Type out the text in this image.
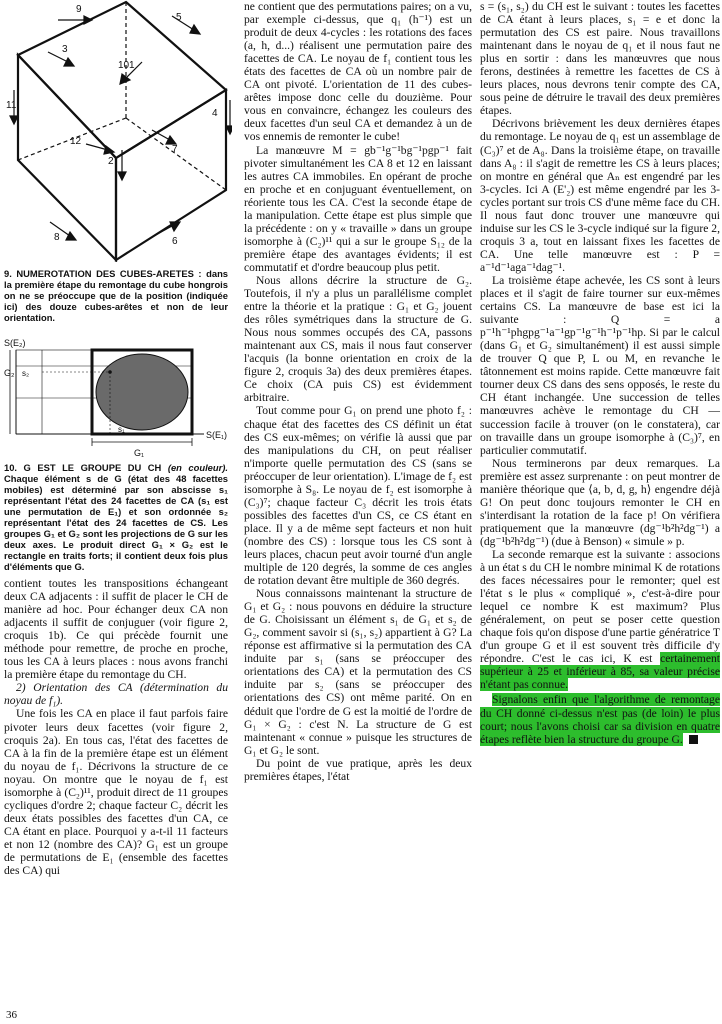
9
5
3
10 1
11
4
12
2
7
8	6

9. NUMEROTATION DES CUBES-ARETES : dans la première étape du remontage du cube hongrois on ne se préoccupe que de la position (indiquée ici) des douze cubes-arêtes et non de leur orientation.

S(E₂)
S(E₁)
s₂
s₁
G₂
G₁

10. G EST LE GROUPE DU CH (en couleur). Chaque élément s de G (état des 48 facettes mobiles) est déterminé par son abscisse s₁ représentant l'état des 24 facettes de CA (s₁ est une permutation de E₁) et son ordonnée s₂ représentant l'état des 24 facettes de CS. Les groupes G₁ et G₂ sont les projections de G sur les deux axes. Le produit direct G₁ × G₂ est le rectangle en traits forts; il contient deux fois plus d'éléments que G.

contient toutes les transpositions échangeant deux CA adjacents : il suffit de placer le CH de manière ad hoc. Pour échanger deux CA non adjacents il suffit de conjuguer (voir figure 2, croquis 1b). Ce qui précède fournit une méthode pour remettre, de proche en proche, tous les CA à leurs places : nous avons franchi la première étape du remontage du CH.

2) Orientation des CA (détermination du noyau de f₁).

Une fois les CA en place il faut parfois faire pivoter leurs deux facettes (voir figure 2, croquis 2a). En tous cas, l'état des facettes de CA à la fin de la première étape est un élément du noyau de f₁. Décrivons la structure de ce noyau. On montre que le noyau de f₁ est isomorphe à (C₂)¹¹, produit direct de 11 groupes cycliques d'ordre 2; chaque facteur C₂ décrit les deux états possibles des facettes d'un CA, ce CA étant en place. Pourquoi y a-t-il 11 facteurs et non 12 (nombre des CA)? G₁ est un groupe de permutations de E₁ (ensemble des facettes des CA) qui

36

ne contient que des permutations paires; on a vu, par exemple ci-dessus, que q₁ (h⁻¹) est un produit de deux 4-cycles : les rotations des faces (a, h, d...) réalisent une permutation paire des facettes de CA. Le noyau de f₁ contient tous les états des facettes de CA où un nombre pair de CA ont pivoté. L'orientation de 11 des cubes-arêtes impose donc celle du douzième. Pour vous en convaincre, échangez les couleurs des deux facettes d'un seul CA et demandez à un de vos ennemis de remonter le cube!

La manœuvre M = gb⁻¹g⁻¹bg⁻¹pgp⁻¹ fait pivoter simultanément les CA 8 et 12 en laissant les autres CA immobiles. En opérant de proche en proche et en conjuguant éventuellement, on réoriente tous les CA. C'est la seconde étape de la manipulation. Cette étape est plus simple que la précédente : on y « travaille » dans un groupe isomorphe à (C₂)¹¹ qui a sur le groupe S₁₂ de la première étape des avantages évidents; il est commutatif et d'ordre beaucoup plus petit.

Nous allons décrire la structure de G₂. Toutefois, il n'y a plus un parallélisme complet entre la théorie et la pratique : G₁ et G₂ jouent des rôles symétriques dans la structure de G. Nous nous sommes occupés des CA, passons maintenant aux CS, mais il nous faut conserver l'acquis (la bonne orientation en croix de la figure 2, croquis 3a) des deux premières étapes. Ce choix (CA puis CS) est évidemment arbitraire.

Tout comme pour G₁ on prend une photo f₂ : chaque état des facettes des CS définit un état des CS eux-mêmes; on vérifie là aussi que par des manipulations du CH, on peut réaliser n'importe quelle permutation des CS (sans se préoccuper de leur orientation). L'image de f₂ est isomorphe à S₈. Le noyau de f₂ est isomorphe à (C₃)⁷; chaque facteur C₃ décrit les trois états possibles des facettes d'un CS, ce CS étant en place. Il y a de même sept facteurs et non huit (nombre des CS) : lorsque tous les CS sont à leurs places, chacun peut avoir tourné d'un angle multiple de 120 degrés, la somme de ces angles de rotation devant être multiple de 360 degrés.

Nous connaissons maintenant la structure de G₁ et G₂ : nous pouvons en déduire la structure de G. Choisissant un élément s₁ de G₁ et s₂ de G₂, comment savoir si (s₁, s₂) appartient à G? La réponse est affirmative si la permutation des CA induite par s₁ (sans se préoccuper des orientations des CA) et la permutation des CS induite par s₂ (sans se préoccuper des orientations des CS) ont même parité. On en déduit que l'ordre de G est la moitié de l'ordre de G₁ × G₂ : c'est N. La structure de G est maintenant « connue » puisque les structures de G₁ et G₂ le sont.

Du point de vue pratique, après les deux premières étapes, l'état

s = (s₁, s₂) du CH est le suivant : toutes les facettes de CA étant à leurs places, s₁ = e et donc la permutation des CS est paire. Nous travaillons maintenant dans le noyau de q₁ et il nous faut ne plus en sortir : dans les manœuvres que nous ferons, destinées à remettre les facettes de CS à leurs places, nous devrons tenir compte des CA, sous peine de détruire le travail des deux premières étapes.

Décrivons brièvement les deux dernières étapes du remontage. Le noyau de q₁ est un assemblage de (C₃)⁷ et de A₈. Dans la troisième étape, on travaille dans A₈ : il s'agit de remettre les CS à leurs places; on montre en général que Aₙ est engendré par les 3-cycles. Ici A (E'₂) est même engendré par les 3-cycles portant sur trois CS d'une même face du CH. Il nous faut donc trouver une manœuvre qui induise sur les CS le 3-cycle indiqué sur la figure 2, croquis 3 a, tout en laissant fixes les facettes de CA. Une telle manœuvre est : P = a⁻¹d⁻¹aga⁻¹dag⁻¹.

La troisième étape achevée, les CS sont à leurs places et il s'agit de faire tourner sur eux-mêmes certains CS. La manœuvre de base est ici la suivante : Q = a p⁻¹h⁻¹phgpg⁻¹a⁻¹gp⁻¹g⁻¹h⁻¹p⁻¹hp. Si par le calcul (dans G₁ et G₂ simultanément) il est aussi simple de trouver Q que P, L ou M, en revanche le tâtonnement est moins rapide. Cette manœuvre fait tourner deux CS dans des sens opposés, le reste du CH étant inchangée. Une succession de telles manœuvres achève le remontage du CH — succession facile à trouver (on le constatera), car on travaille dans un groupe isomorphe à (C₃)⁷, en particulier commutatif.

Nous terminerons par deux remarques. La première est assez surprenante : on peut montrer de manière théorique que ⟨a, b, d, g, h⟩ engendre déjà G! On peut donc toujours remonter le CH en s'interdisant la rotation de la face p! On vérifiera pratiquement que la manœuvre (dg⁻¹b²h²dg⁻¹) a (dg⁻¹b²h²dg⁻¹) (due à Benson) « simule » p.

La seconde remarque est la suivante : associons à un état s du CH le nombre minimal K de rotations des faces nécessaires pour le remonter; quel est l'état s le plus « compliqué », c'est-à-dire pour lequel ce nombre K est maximum? Plus généralement, on peut se poser cette question chaque fois qu'on dispose d'une partie génératrice T d'un groupe G et il est souvent très difficile d'y répondre. C'est le cas ici, K est certainement supérieur à 25 et inférieur à 85, sa valeur précise n'étant pas connue.

Signalons enfin que l'algorithme de remontage du CH donné ci-dessus n'est pas (de loin) le plus court; nous l'avons choisi car sa division en quatre étapes reflète bien la structure du groupe G.
